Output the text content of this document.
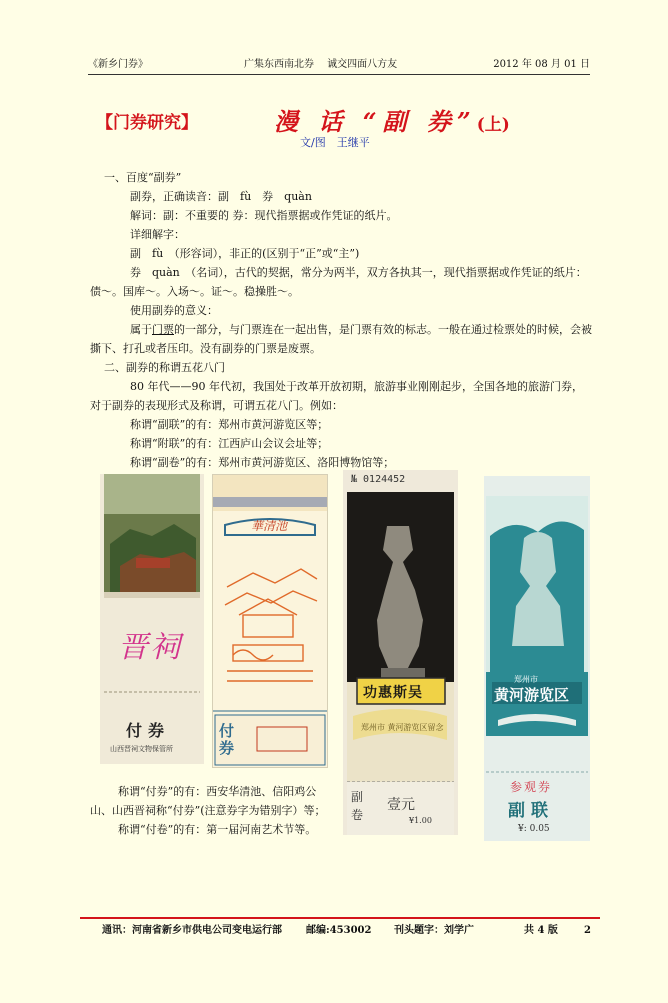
《新乡门券》	广集东西南北券　 诚交四面八方友	2012 年 08 月 01 日
【门券研究】	漫 话 “副 券”(上)
文/图　王继平

一、百度“副券”

副券，正确读音：副　fù　券　quàn

解词：副：不重要的 券：现代指票据或作凭证的纸片。

详细解字：

副　fù　（形容词），非正的(区别于“正”或“主”)

券　quàn　（名词），古代的契据，常分为两半，双方各执其一，现代指票据或作凭证的纸片：债～。国库～。入场～。证～。稳操胜～。

使用副券的意义：

属于门票的一部分，与门票连在一起出售，是门票有效的标志。一般在通过检票处的时候，会被撕下、打孔或者压印。没有副券的门票是废票。

二、副券的称谓五花八门

80 年代——90 年代初，我国处于改革开放初期，旅游事业刚刚起步，全国各地的旅游门券，对于副券的表现形式及称谓，可谓五花八门。例如：

称谓“副联”的有：郑州市黄河游览区等；

称谓“附联”的有：江西庐山会议会址等；

称谓“副卷”的有：郑州市黄河游览区、洛阳博物馆等；

晋祠
付券
山西晋祠文物保管所
華清池
付券
№ 0124452
功惠斯吴
郑州市 黄河游览区留念
副卷
壹元
¥1.00
郑州市
黄河游览区
参观券
副联
¥: 0.05

称谓“付券”的有：西安华清池、信阳鸡公山、山西晋祠称“付券”(注意券字为错别字）等；

称谓“付卷”的有：第一届河南艺术节等。

通讯：河南省新乡市供电公司变电运行部 邮编:453002 刊头题字：刘学广	共 4 版	2
